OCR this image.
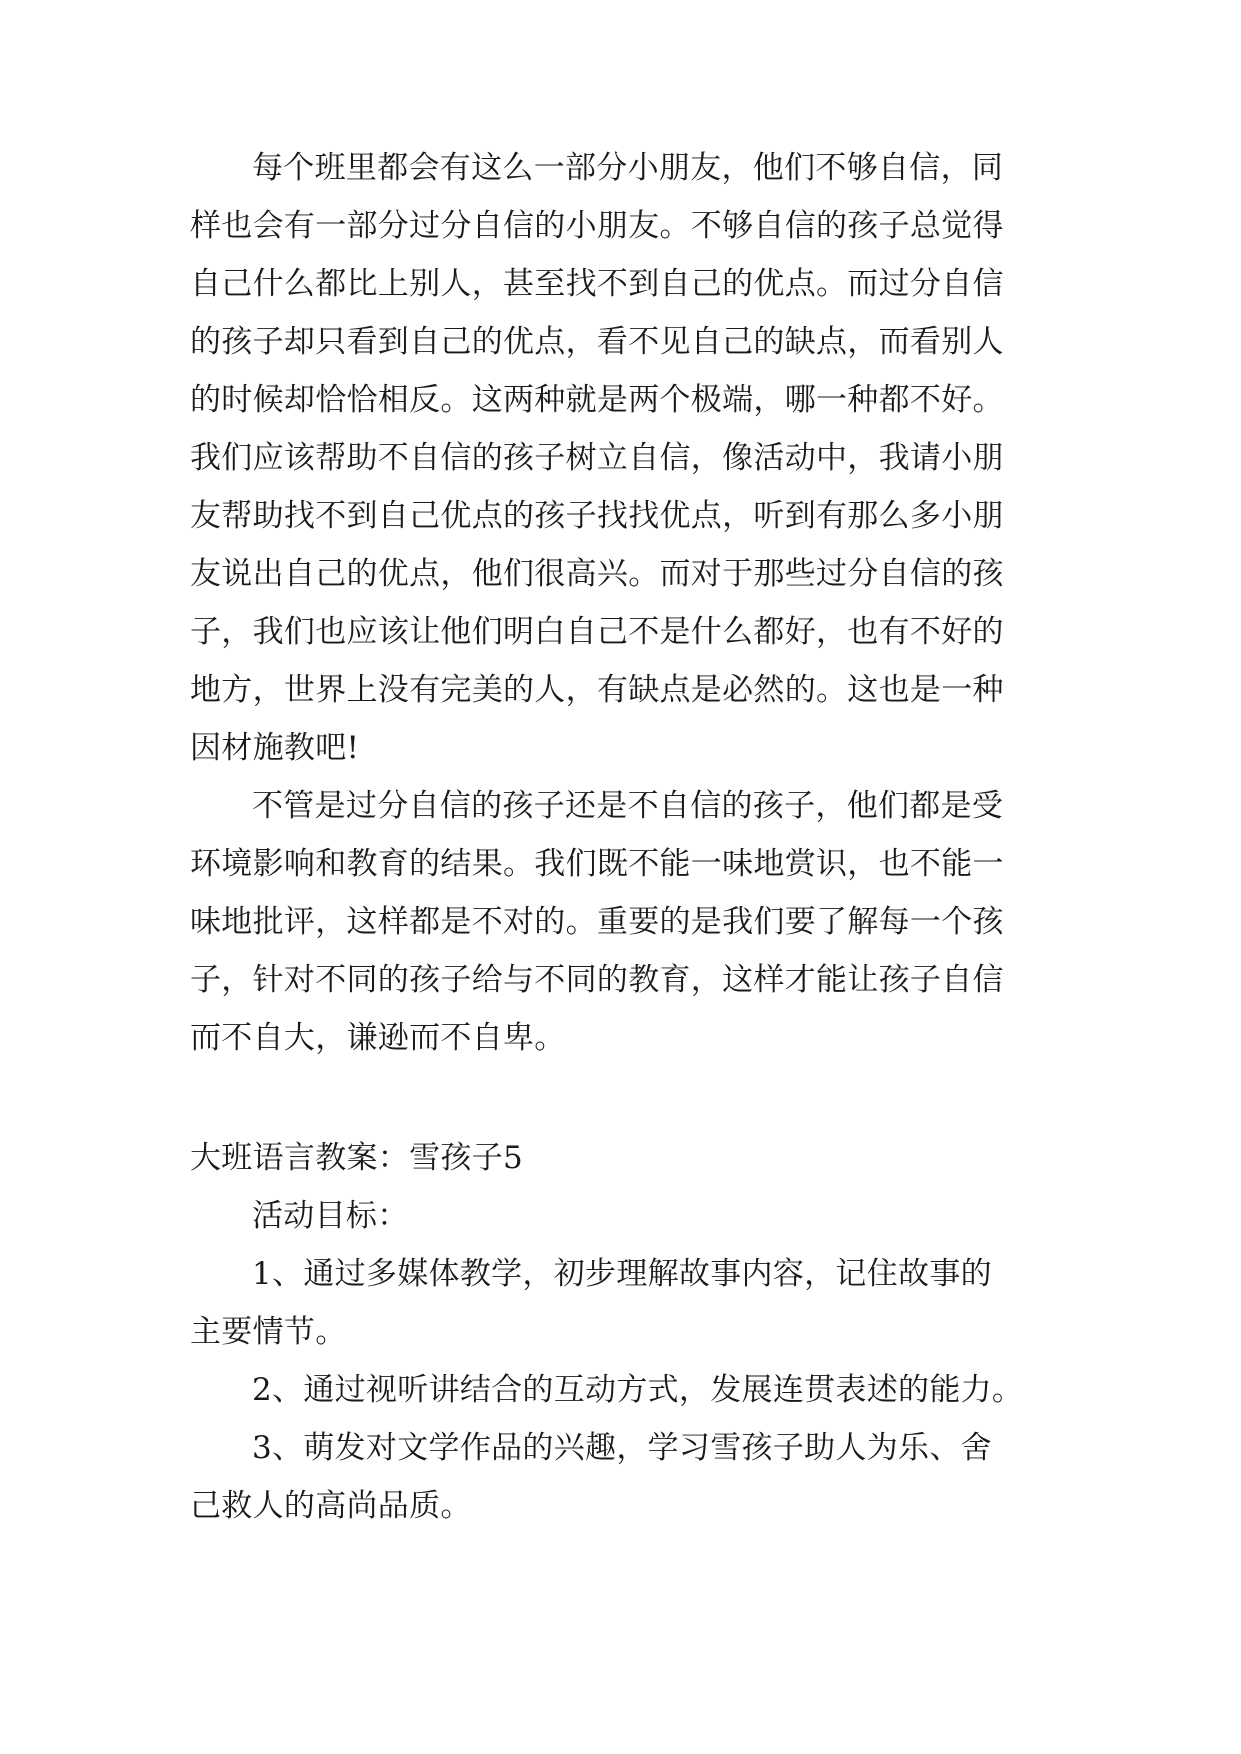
每个班里都会有这么一部分小朋友，他们不够自信，同
样也会有一部分过分自信的小朋友。不够自信的孩子总觉得
自己什么都比上别人，甚至找不到自己的优点。而过分自信
的孩子却只看到自己的优点，看不见自己的缺点，而看别人
的时候却恰恰相反。这两种就是两个极端，哪一种都不好。
我们应该帮助不自信的孩子树立自信，像活动中，我请小朋
友帮助找不到自己优点的孩子找找优点，听到有那么多小朋
友说出自己的优点，他们很高兴。而对于那些过分自信的孩
子，我们也应该让他们明白自己不是什么都好，也有不好的
地方，世界上没有完美的人，有缺点是必然的。这也是一种
因材施教吧!
不管是过分自信的孩子还是不自信的孩子，他们都是受
环境影响和教育的结果。我们既不能一味地赏识，也不能一
味地批评，这样都是不对的。重要的是我们要了解每一个孩
子，针对不同的孩子给与不同的教育，这样才能让孩子自信
而不自大，谦逊而不自卑。
大班语言教案：雪孩子5
活动目标：
1、通过多媒体教学，初步理解故事内容，记住故事的
主要情节。
2、通过视听讲结合的互动方式，发展连贯表述的能力。
3、萌发对文学作品的兴趣，学习雪孩子助人为乐、舍
己救人的高尚品质。
